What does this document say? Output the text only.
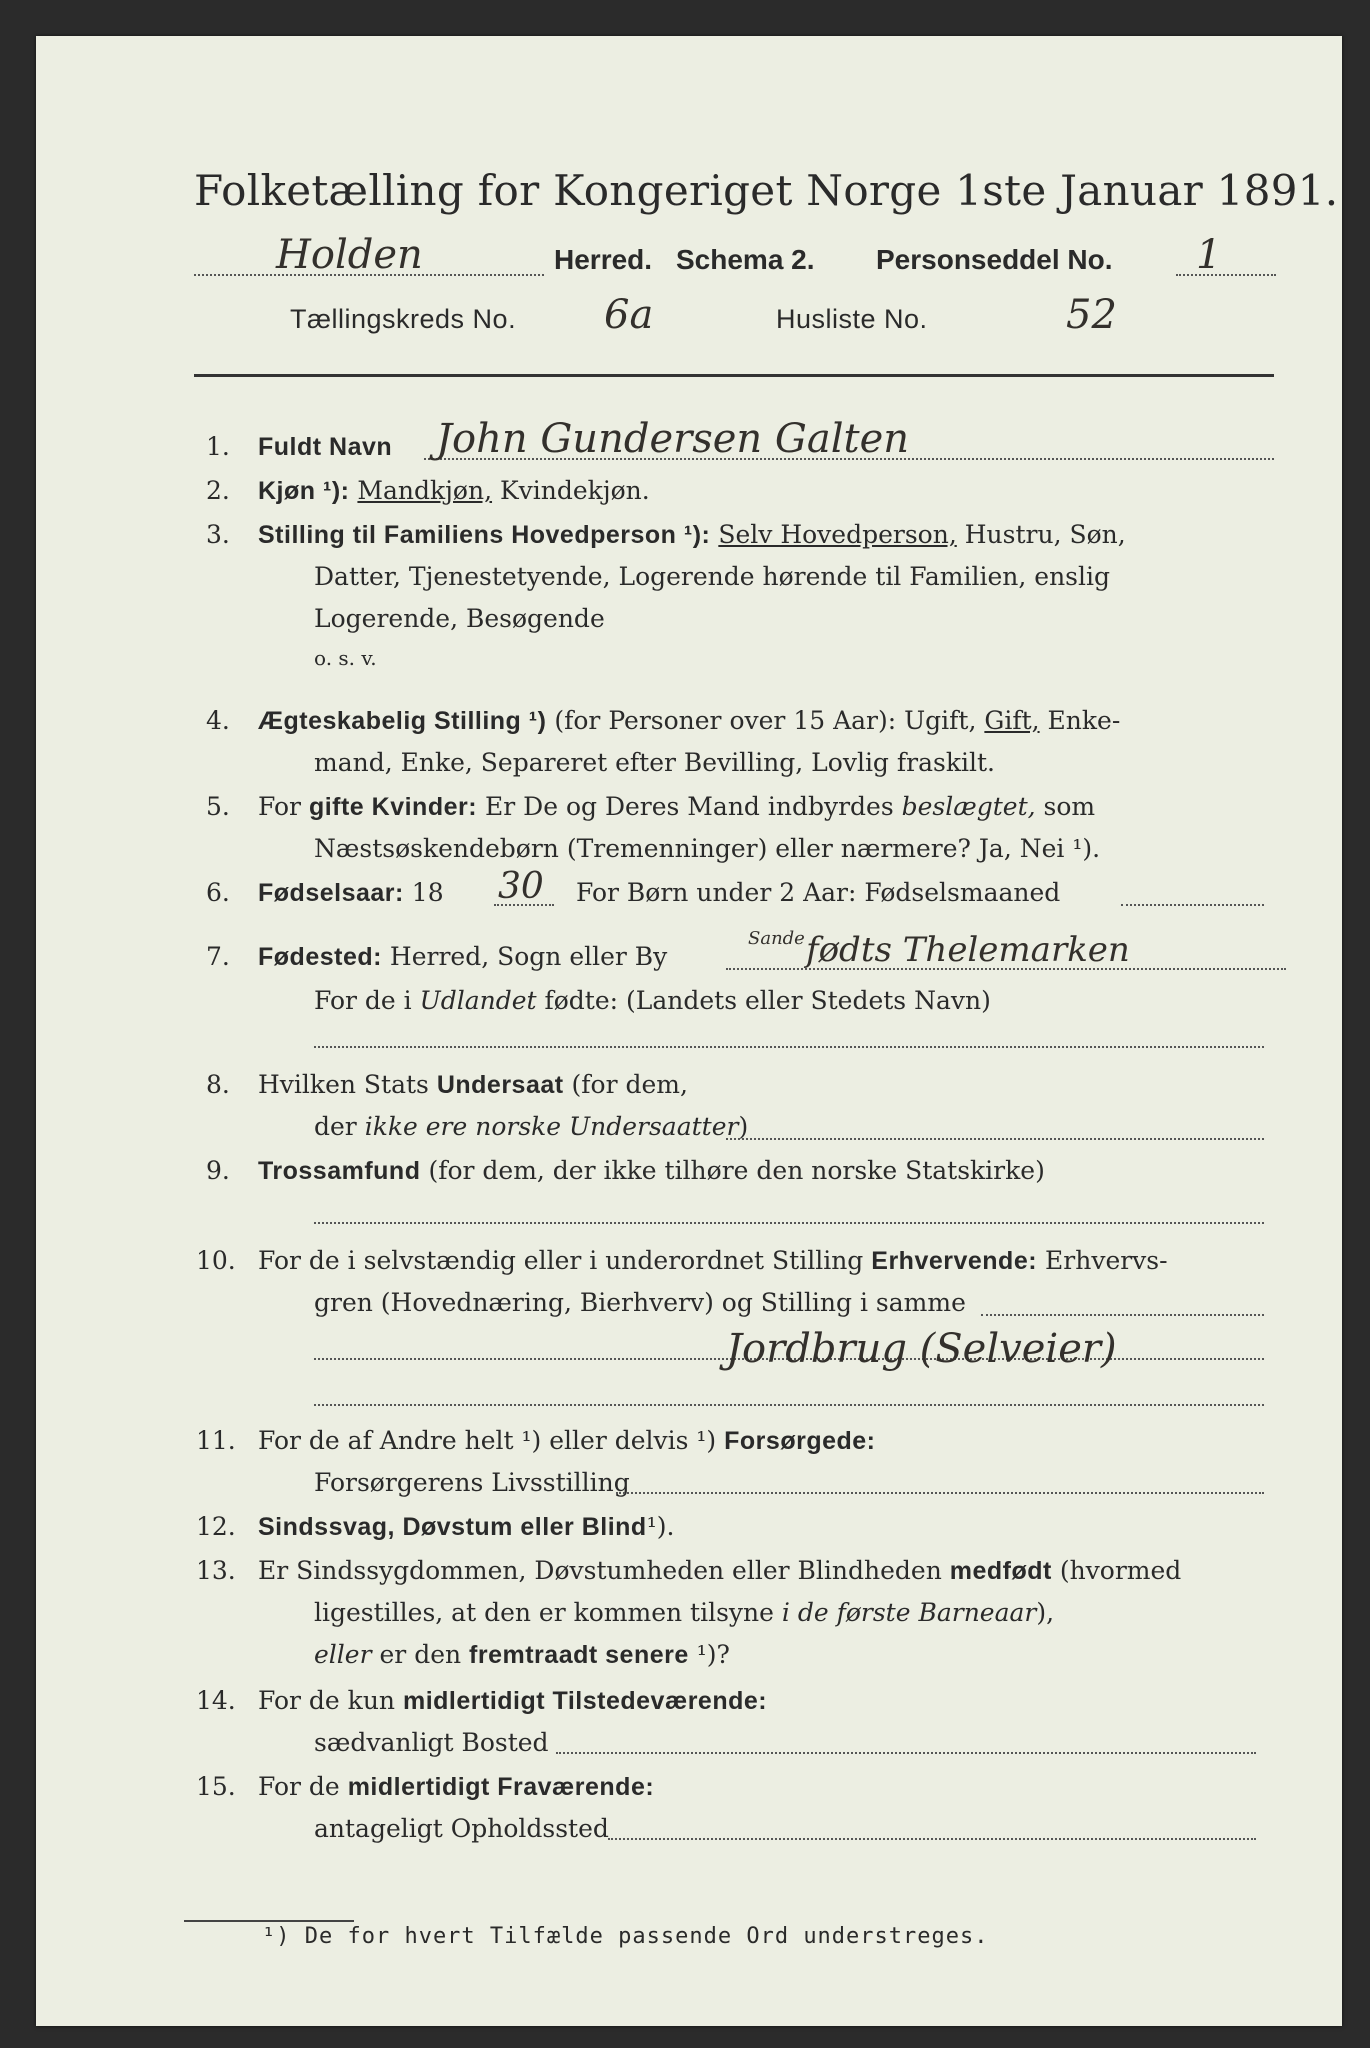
Folketælling for Kongeriget Norge 1ste Januar 1891.
Holden	Herred. Schema 2. Personseddel No. 1
Tællingskreds No. 6a	Husliste No.	52
1. Fuldt Navn John Gundersen Galten
2. Kjøn ¹): Mandkjøn, Kvindekjøn.
3. Stilling til Familiens Hovedperson ¹): Selv Hovedperson, Hustru, Søn,
Datter, Tjenestetyende, Logerende hørende til Familien, enslig
Logerende, Besøgende
o. s. v.
4. Ægteskabelig Stilling ¹) (for Personer over 15 Aar): Ugift, Gift, Enke-
mand, Enke, Separeret efter Bevilling, Lovlig fraskilt.
5. For gifte Kvinder: Er De og Deres Mand indbyrdes beslægtet, som
Næstsøskendebørn (Tremenninger) eller nærmere? Ja, Nei ¹).
6. Fødselsaar: 18 30 For Børn under 2 Aar: Fødselsmaaned
7. Fødested: Herred, Sogn eller By
Sande fødts Thelemarken
For de i Udlandet fødte: (Landets eller Stedets Navn)
8. Hvilken Stats Undersaat (for dem,
der ikke ere norske Undersaatter)
9. Trossamfund (for dem, der ikke tilhøre den norske Statskirke)
10. For de i selvstændig eller i underordnet Stilling Erhvervende: Erhvervs-
gren (Hovednæring, Bierhverv) og Stilling i samme
Jordbrug (Selveier)
11. For de af Andre helt ¹) eller delvis ¹) Forsørgede:
Forsørgerens Livsstilling
12. Sindssvag, Døvstum eller Blind¹).
13. Er Sindssygdommen, Døvstumheden eller Blindheden medfødt (hvormed
ligestilles, at den er kommen tilsyne i de første Barneaar),
eller er den fremtraadt senere ¹)?
14. For de kun midlertidigt Tilstedeværende:
sædvanligt Bosted
15. For de midlertidigt Fraværende:
antageligt Opholdssted
¹) De for hvert Tilfælde passende Ord understreges.
